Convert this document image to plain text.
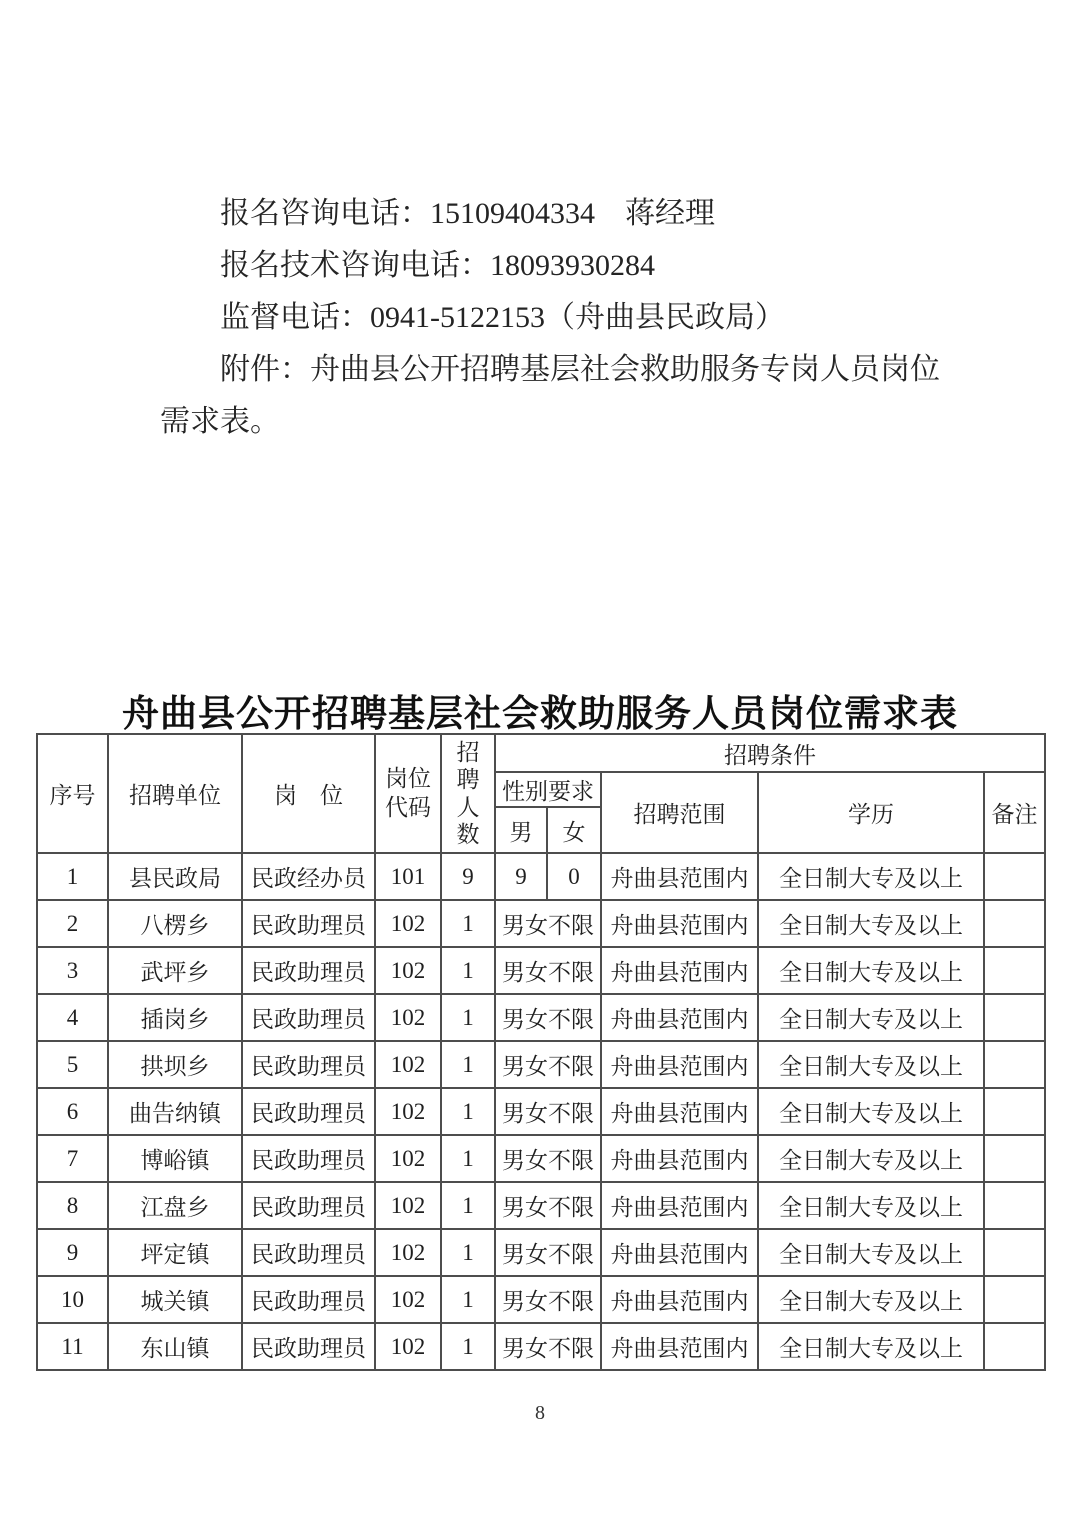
报名咨询电话：15109404334　蒋经理
报名技术咨询电话：18093930284
监督电话：0941-5122153（舟曲县民政局）
附件：舟曲县公开招聘基层社会救助服务专岗人员岗位
需求表。
舟曲县公开招聘基层社会救助服务人员岗位需求表
序号	招聘单位	岗　位	岗位代码	招聘人数	招聘条件				
					性别要求		招聘范围	学历	备注
					男	女			
1	县民政局	民政经办员	101	9	9	0	舟曲县范围内	全日制大专及以上	
2	八楞乡	民政助理员	102	1	男女不限		舟曲县范围内	全日制大专及以上	
3	武坪乡	民政助理员	102	1	男女不限		舟曲县范围内	全日制大专及以上	
4	插岗乡	民政助理员	102	1	男女不限		舟曲县范围内	全日制大专及以上	
5	拱坝乡	民政助理员	102	1	男女不限		舟曲县范围内	全日制大专及以上	
6	曲告纳镇	民政助理员	102	1	男女不限		舟曲县范围内	全日制大专及以上	
7	博峪镇	民政助理员	102	1	男女不限		舟曲县范围内	全日制大专及以上	
8	江盘乡	民政助理员	102	1	男女不限		舟曲县范围内	全日制大专及以上	
9	坪定镇	民政助理员	102	1	男女不限		舟曲县范围内	全日制大专及以上	
10	城关镇	民政助理员	102	1	男女不限		舟曲县范围内	全日制大专及以上	
11	东山镇	民政助理员	102	1	男女不限		舟曲县范围内	全日制大专及以上	
8
